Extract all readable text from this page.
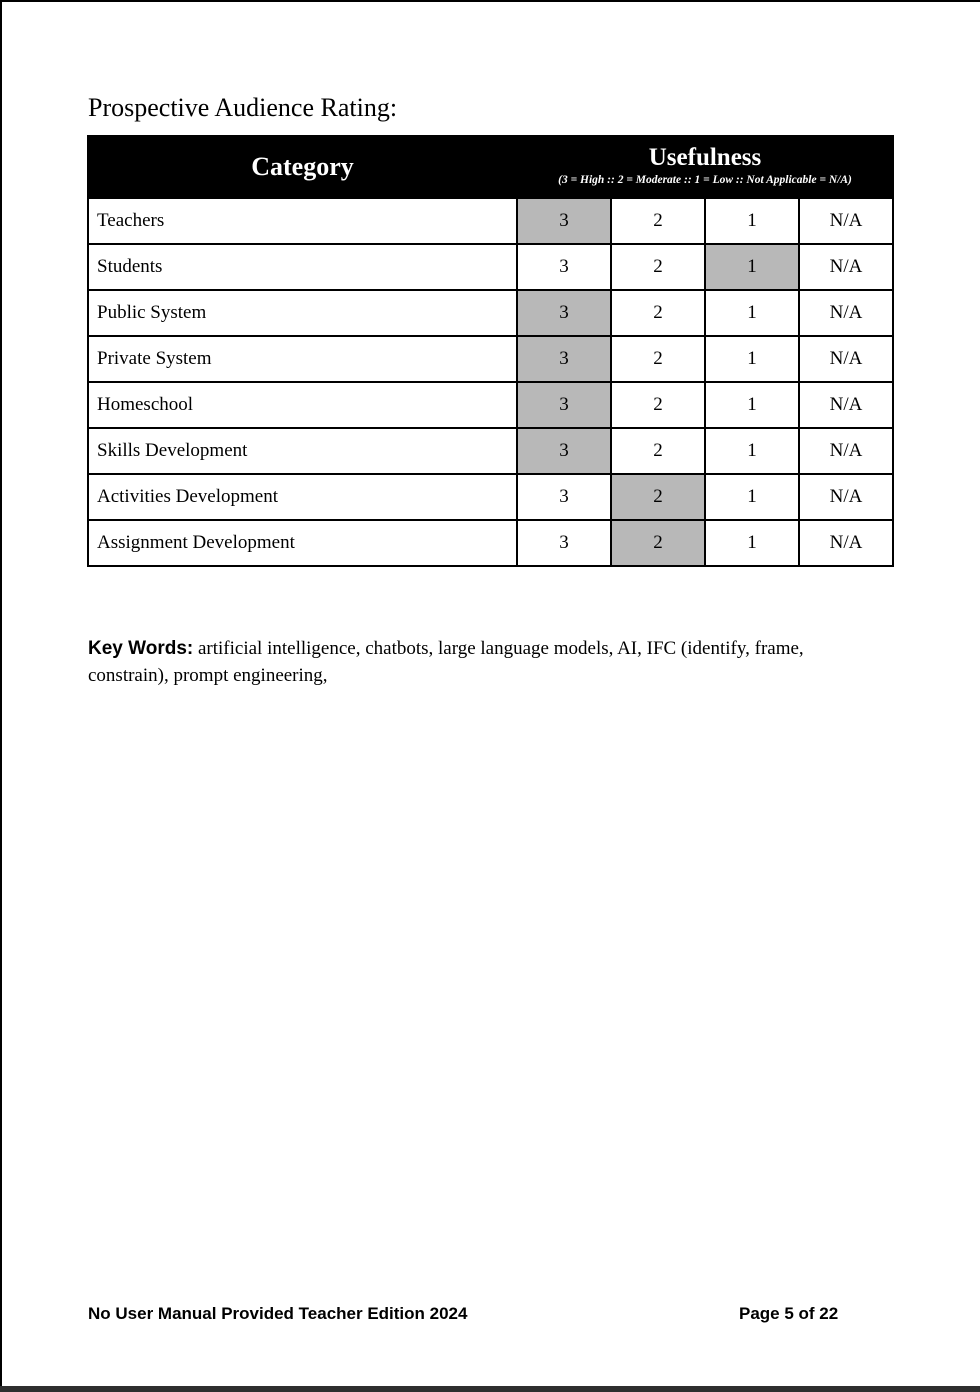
Prospective Audience Rating:
Category	Usefulness
(3 = High :: 2 = Moderate :: 1 = Low :: Not Applicable = N/A)			

Teachers	3	2	1	N/A
Students	3	2	1	N/A
Public System	3	2	1	N/A
Private System	3	2	1	N/A
Homeschool	3	2	1	N/A
Skills Development	3	2	1	N/A
Activities Development	3	2	1	N/A
Assignment Development	3	2	1	N/A
Key Words: artificial intelligence, chatbots, large language models, AI, IFC (identify, frame, constrain), prompt engineering,
No User Manual Provided Teacher Edition 2024	Page 5 of 22
